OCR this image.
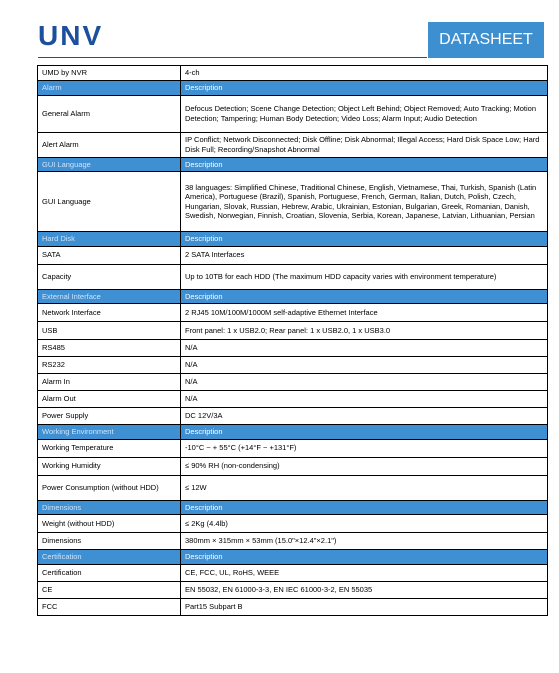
UNV	DATASHEET
UMD by NVR	4-ch
Alarm	Description
General Alarm	Defocus Detection; Scene Change Detection; Object Left Behind; Object Removed; Auto Tracking; Motion Detection; Tampering; Human Body Detection; Video Loss; Alarm Input; Audio Detection
Alert Alarm	IP Conflict; Network Disconnected; Disk Offline; Disk Abnormal; Illegal Access; Hard Disk Space Low; Hard Disk Full; Recording/Snapshot Abnormal
GUI Language	Description
GUI Language	38 languages: Simplified Chinese, Traditional Chinese, English, Vietnamese, Thai, Turkish, Spanish (Latin America), Portuguese (Brazil), Spanish, Portuguese, French, German, Italian, Dutch, Polish, Czech, Hungarian, Slovak, Russian, Hebrew, Arabic, Ukrainian, Estonian, Bulgarian, Greek, Romanian, Danish, Swedish, Norwegian, Finnish, Croatian, Slovenia, Serbia, Korean, Japanese, Latvian, Lithuanian, Persian
Hard Disk	Description
SATA	2 SATA Interfaces
Capacity	Up to 10TB for each HDD (The maximum HDD capacity varies with environment temperature)
External Interface	Description
Network Interface	2 RJ45 10M/100M/1000M self-adaptive Ethernet Interface
USB	Front panel: 1 x USB2.0; Rear panel: 1 x USB2.0, 1 x USB3.0
RS485	N/A
RS232	N/A
Alarm In	N/A
Alarm Out	N/A
Power Supply	DC 12V/3A
Working Environment	Description
Working Temperature	-10°C ~ + 55°C (+14°F ~ +131°F)
Working Humidity	≤ 90% RH (non-condensing)
Power Consumption (without HDD)	≤ 12W
Dimensions	Description
Weight (without HDD)	≤ 2Kg (4.4lb)
Dimensions	380mm × 315mm × 53mm (15.0"×12.4"×2.1")
Certification	Description
Certification	CE, FCC, UL, RoHS, WEEE
CE	EN 55032, EN 61000-3-3, EN IEC 61000-3-2, EN 55035
FCC	Part15 Subpart B
